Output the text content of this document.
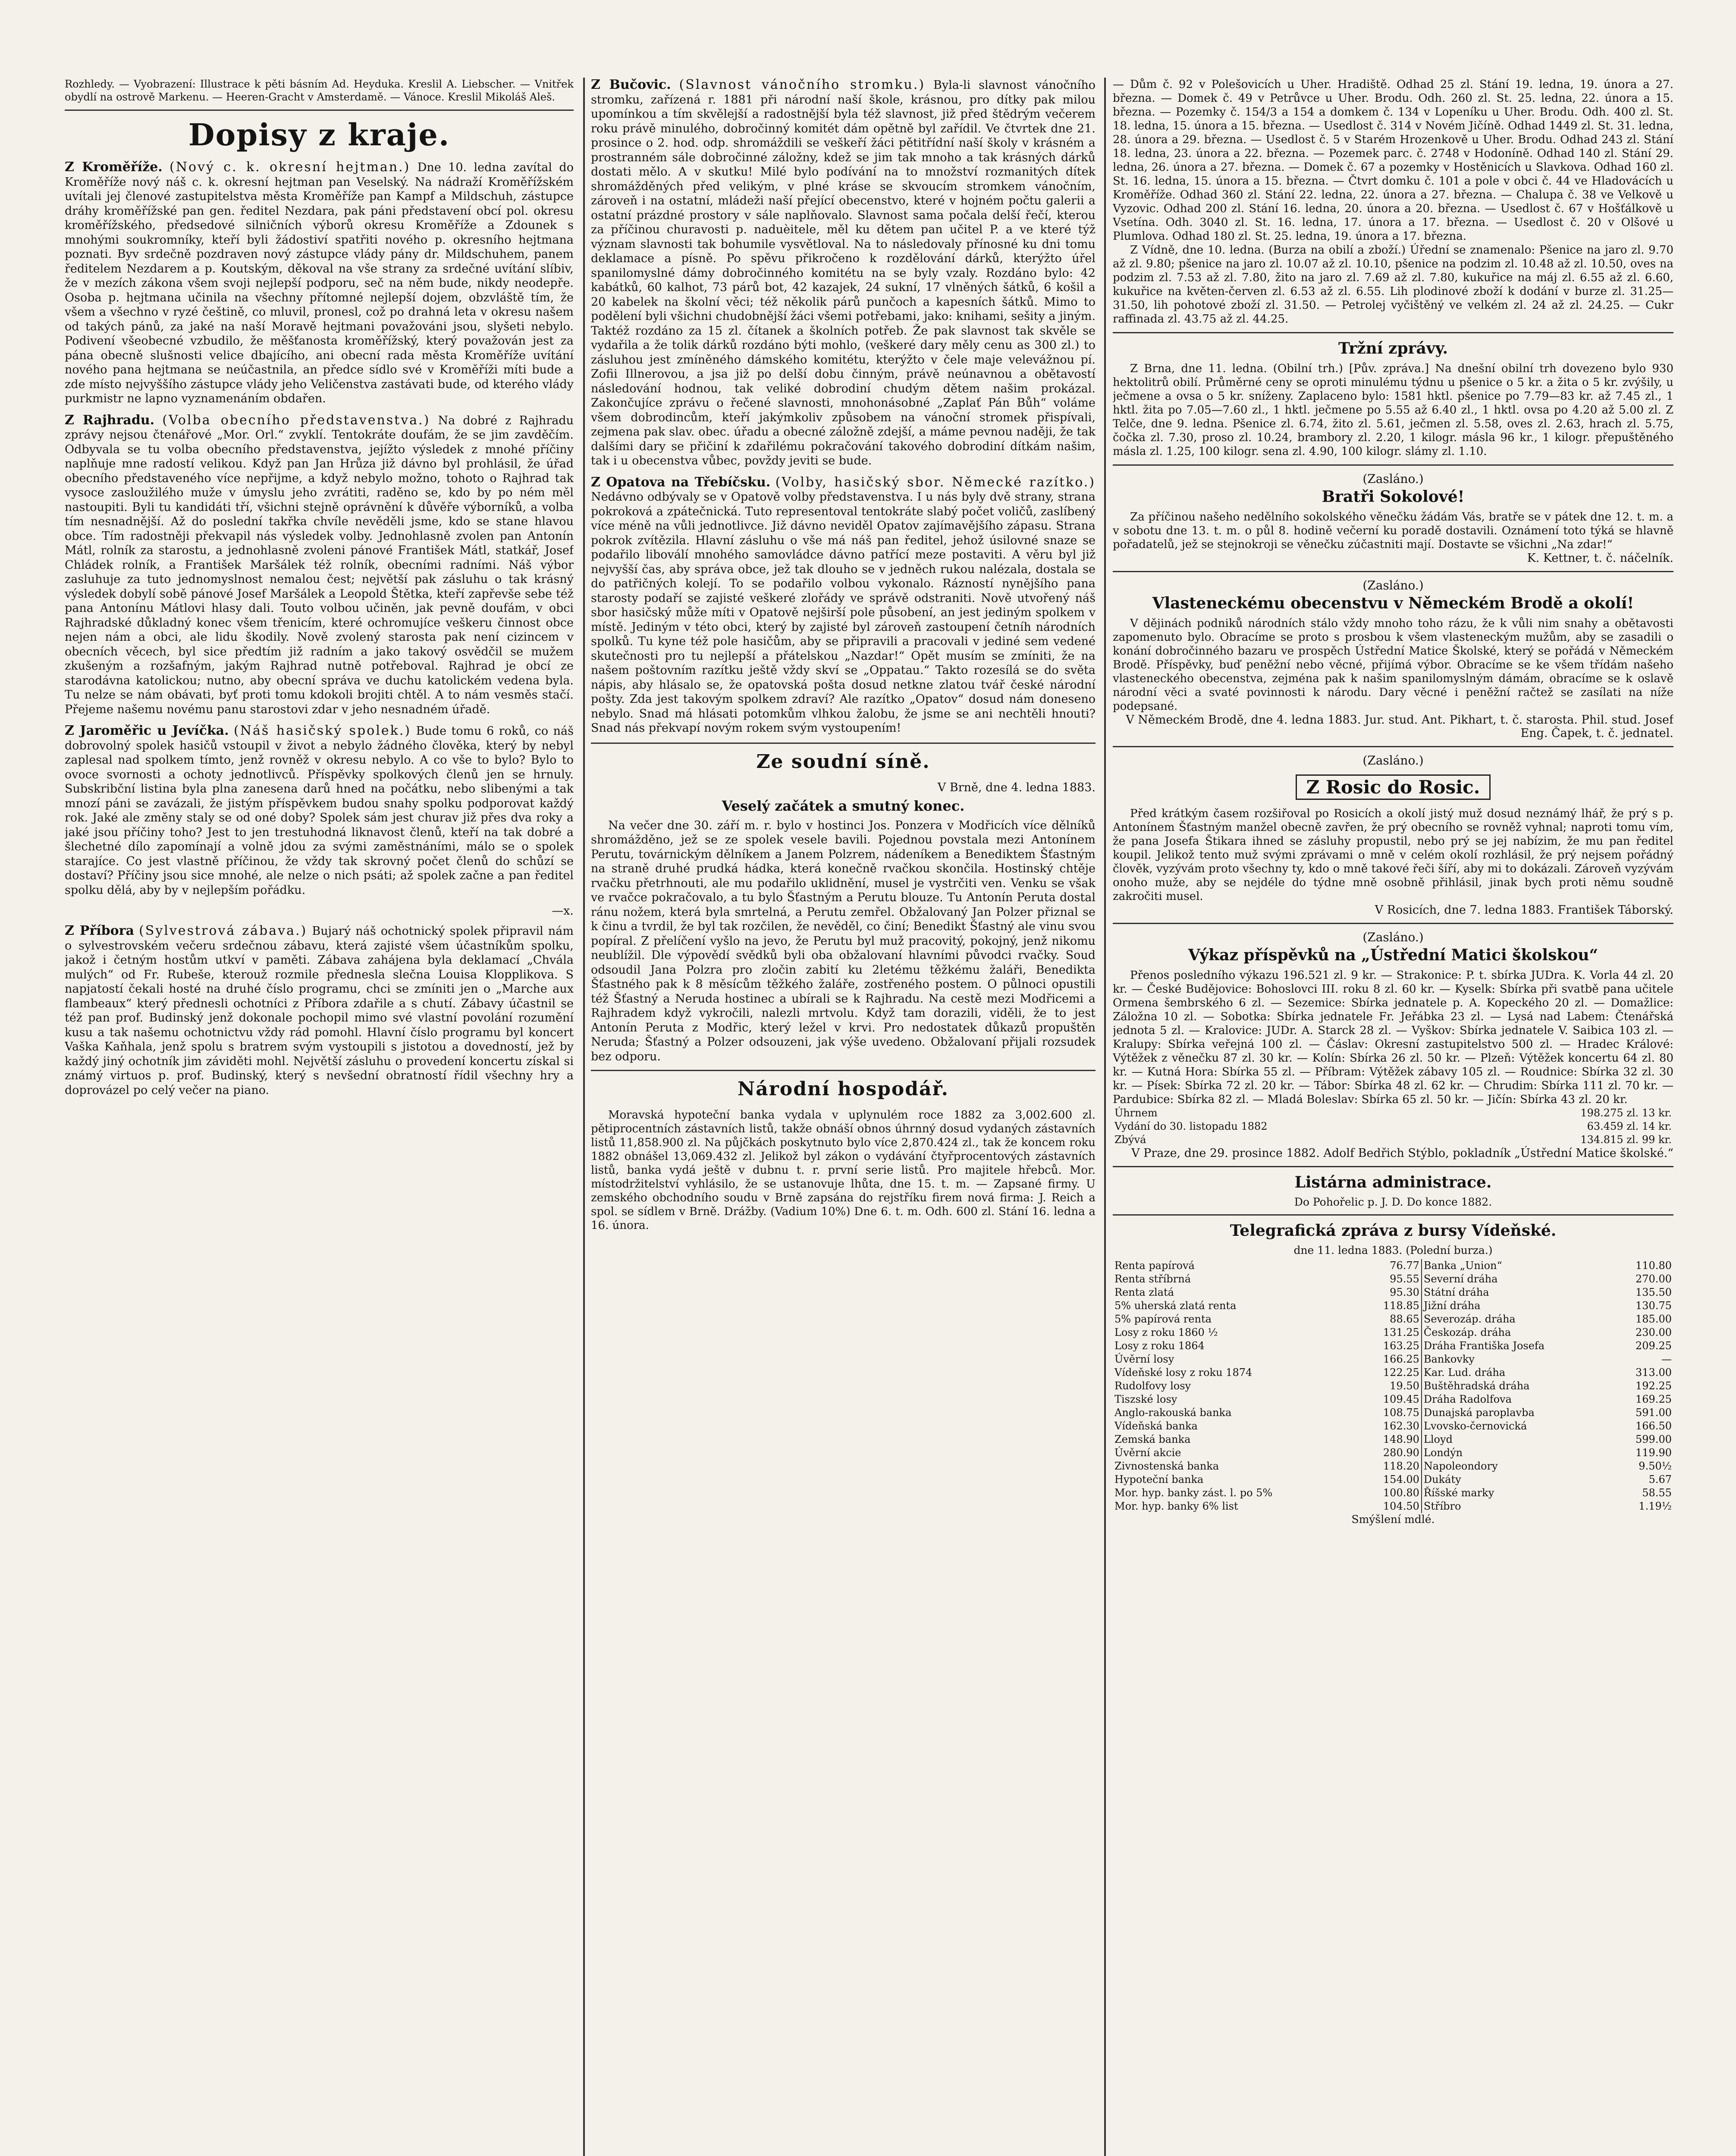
Rozhledy. — Vyobrazení: Illustrace k pěti básním Ad. Heyduka. Kreslil A. Liebscher. — Vnitřek obydlí na ostrově Markenu. — Heeren-Gracht v Amsterdamě. — Vánoce. Kreslil Mikoláš Aleš.

Dopisy z kraje.

Z Kroměříže. (Nový c. k. okresní hejtman.) Dne 10. ledna zavítal do Kroměříže nový náš c. k. okresní hejtman pan Veselský. Na nádraží Kroměřížském uvítali jej členové zastupitelstva města Kroměříže pan Kampf a Mildschuh, zástupce dráhy kroměřížské pan gen. ředitel Nezdara, pak páni představení obcí pol. okresu kroměřížského, předsedové silničních výborů okresu Kroměříže a Zdounek s mnohými soukromníky, kteří byli žádostiví spatřiti nového p. okresního hejtmana poznati. Byv srdečně pozdraven nový zástupce vlády pány dr. Mildschuhem, panem ředitelem Nezdarem a p. Koutským, děkoval na vše strany za srdečné uvítání slíbiv, že v mezích zákona všem svoji nejlepší podporu, seč na něm bude, nikdy neodepře. Osoba p. hejtmana učinila na všechny přítomné nejlepší dojem, obzvláště tím, že všem a všechno v ryzé češtině, co mluvil, pronesl, což po drahná leta v okresu našem od takých pánů, za jaké na naší Moravě hejtmani považováni jsou, slyšeti nebylo. Podivení všeobecné vzbudilo, že měšťanosta kroměřížský, který považován jest za pána obecně slušnosti velice dbajícího, ani obecní rada města Kroměříže uvítání nového pana hejtmana se neúčastnila, an předce sídlo své v Kroměříži míti bude a zde místo nejvyššího zástupce vlády jeho Veličenstva zastávati bude, od kterého vlády purkmistr ne lapno vyznamenáním obdařen.

Z Rajhradu. (Volba obecního představenstva.) Na dobré z Rajhradu zprávy nejsou čtenářové „Mor. Orl.“ zvyklí. Tentokráte doufám, že se jim zavděčím. Odbyvala se tu volba obecního představenstva, jejížto výsledek z mnohé příčiny naplňuje mne radostí velikou. Když pan Jan Hrůza již dávno byl prohlásil, že úřad obecního představeného více nepřijme, a když nebylo možno, tohoto o Rajhrad tak vysoce zasloužilého muže v úmyslu jeho zvrátiti, raděno se, kdo by po ném měl nastoupiti. Byli tu kandidáti tří, všichni stejně oprávnění k důvěře výborníků, a volba tím nesnadnější. Až do poslední takřka chvíle nevěděli jsme, kdo se stane hlavou obce. Tím radostněji překvapil nás výsledek volby. Jednohlasně zvolen pan Antonín Mátl, rolník za starostu, a jednohlasně zvoleni pánové František Mátl, statkář, Josef Chládek rolník, a František Maršálek též rolník, obecními radními. Náš výbor zasluhuje za tuto jednomyslnost nemalou čest; největší pak zásluhu o tak krásný výsledek dobylí sobě pánové Josef Maršálek a Leopold Štětka, kteří zapřevše sebe též pana Antonínu Mátlovi hlasy dali. Touto volbou učiněn, jak pevně doufám, v obci Rajhradské důkladný konec všem třenicím, které ochromujíce veškeru činnost obce nejen nám a obci, ale lidu škodily. Nově zvolený starosta pak není cizincem v obecních věcech, byl sice předtím již radním a jako takový osvědčil se mužem zkušeným a rozšafným, jakým Rajhrad nutně potřeboval. Rajhrad je obcí ze starodávna katolickou; nutno, aby obecní správa ve duchu katolickém vedena byla. Tu nelze se nám obávati, byť proti tomu kdokoli brojiti chtěl. A to nám vesměs stačí. Přejeme našemu novému panu starostovi zdar v jeho nesnadném úřadě.

Z Jaroměřic u Jevíčka. (Náš hasičský spolek.) Bude tomu 6 roků, co náš dobrovolný spolek hasičů vstoupil v život a nebylo žádného člověka, který by nebyl zaplesal nad spolkem tímto, jenž rovněž v okresu nebylo. A co vše to bylo? Bylo to ovoce svornosti a ochoty jednotlivců. Příspěvky spolkových členů jen se hrnuly. Subskribční listina byla plna zanesena darů hned na počátku, nebo slibenými a tak mnozí páni se zavázali, že jistým příspěvkem budou snahy spolku podporovat každý rok. Jaké ale změny staly se od oné doby? Spolek sám jest churav již přes dva roky a jaké jsou příčiny toho? Jest to jen trestuhodná liknavost členů, kteří na tak dobré a šlechetné dílo zapomínají a volně jdou za svými zaměstnáními, málo se o spolek starajíce. Co jest vlastně příčinou, že vždy tak skrovný počet členů do schůzí se dostaví? Příčiny jsou sice mnohé, ale nelze o nich psáti; až spolek začne a pan ředitel spolku dělá, aby by v nejlepším pořádku.

—x.

Z Příbora (Sylvestrová zábava.) Bujarý náš ochotnický spolek připravil nám o sylvestrovském večeru srdečnou zábavu, která zajisté všem účastníkům spolku, jakož i četným hostům utkví v paměti. Zábava zahájena byla deklamací „Chvála mulých“ od Fr. Rubeše, kterouž rozmile přednesla slečna Louisa Klopplikova. S napjatostí čekali hosté na druhé číslo programu, chci se zmíniti jen o „Marche aux flambeaux“ který přednesli ochotníci z Příbora zdařile a s chutí. Zábavy účastnil se též pan prof. Budinský jenž dokonale pochopil mimo své vlastní povolání rozumění kusu a tak našemu ochotnictvu vždy rád pomohl. Hlavní číslo programu byl koncert Vaška Kaňhala, jenž spolu s bratrem svým vystoupili s jistotou a dovedností, jež by každý jiný ochotník jim záviděti mohl. Největší zásluhu o provedení koncertu získal si známý virtuos p. prof. Budinský, který s nevšední obratností řídil všechny hry a doprovázel po celý večer na piano.

Z Bučovic. (Slavnost vánočního stromku.) Byla-li slavnost vánočního stromku, zařízená r. 1881 při národní naší škole, krásnou, pro dítky pak milou upomínkou a tím skvělejší a radostnější byla též slavnost, již před štědrým večerem roku právě minulého, dobročinný komitét dám opětně byl zařídil. Ve čtvrtek dne 21. prosince o 2. hod. odp. shromáždili se veškeří žáci pětitřídní naší školy v krásném a prostranném sále dobročinné záložny, kdež se jim tak mnoho a tak krásných dárků dostati mělo. A v skutku! Milé bylo podívání na to množství rozmanitých dítek shromážděných před velikým, v plné kráse se skvoucím stromkem vánočním, zároveň i na ostatní, mládeži naší přející obecenstvo, které v hojném počtu galerii a ostatní prázdné prostory v sále naplňovalo. Slavnost sama počala delší řečí, kterou za příčinou churavosti p. naduèitele, měl ku dětem pan učitel P. a ve které týž význam slavnosti tak bohumile vysvětloval. Na to následovaly přínosné ku dni tomu deklamace a písně. Po spěvu přikročeno k rozdělování dárků, kterýžto úřel spanilomyslné dámy dobročinného komitétu na se byly vzaly. Rozdáno bylo: 42 kabátků, 60 kalhot, 73 párů bot, 42 kazajek, 24 sukní, 17 vlněných šátků, 6 košil a 20 kabelek na školní věci; též několik párů punčoch a kapesních šátků. Mimo to podělení byli všichni chudobnější žáci všemi potřebami, jako: knihami, sešity a jiným. Taktéž rozdáno za 15 zl. čítanek a školních potřeb. Že pak slavnost tak skvěle se vydařila a že tolik dárků rozdáno býti mohlo, (veškeré dary měly cenu as 300 zl.) to zásluhou jest zmíněného dámského komitétu, kterýžto v čele maje velevážnou pí. Zofii Illnerovou, a jsa již po delší dobu činným, právě neúnavnou a obětavostí následování hodnou, tak veliké dobrodiní chudým dětem našim prokázal. Zakončujíce zprávu o řečené slavnosti, mnohonásobné „Zaplať Pán Bůh“ voláme všem dobrodincům, kteří jakýmkoliv způsobem na vánoční stromek přispívali, zejmena pak slav. obec. úřadu a obecné záložně zdejší, a máme pevnou naději, že tak dalšími dary se přičiní k zdařilému pokračování takového dobrodiní dítkám našim, tak i u obecenstva vůbec, povždy jeviti se bude.

Z Opatova na Třebíčsku. (Volby, hasičský sbor. Německé razítko.) Nedávno odbývaly se v Opatově volby představenstva. I u nás byly dvě strany, strana pokroková a zpátečnická. Tuto representoval tentokráte slabý počet voličů, zaslíbený více méně na vůli jednotlivce. Již dávno neviděl Opatov zajímavějšího zápasu. Strana pokrok zvítězila. Hlavní zásluhu o vše má náš pan ředitel, jehož úsilovné snaze se podařilo liboválí mnohého samovládce dávno patřící meze postaviti. A věru byl již nejvyšší čas, aby správa obce, jež tak dlouho se v jedněch rukou nalézala, dostala se do patřičných kolejí. To se podařilo volbou vykonalo. Rázností nynějšího pana starosty podaří se zajisté veškeré zlořády ve správě odstraniti. Nově utvořený náš sbor hasičský může míti v Opatově nejširší pole působení, an jest jediným spolkem v místě. Jediným v této obci, který by zajisté byl zároveň zastoupení četníh národních spolků. Tu kyne též pole hasičům, aby se připravili a pracovali v jediné sem vedené skutečnosti pro tu nejlepší a přátelskou „Nazdar!“ Opět musím se zmíniti, že na našem poštovním razítku ještě vždy skví se „Oppatau.“ Takto rozesílá se do světa nápis, aby hlásalo se, že opatovská pošta dosud netkne zlatou tvář české národní pošty. Zda jest takovým spolkem zdraví? Ale razítko „Opatov“ dosud nám doneseno nebylo. Snad má hlásati potomkům vlhkou žalobu, že jsme se ani nechtěli hnouti? Snad nás překvapí novým rokem svým vystoupením!

Ze soudní síně.

V Brně, dne 4. ledna 1883.

Veselý začátek a smutný konec.

Na večer dne 30. září m. r. bylo v hostinci Jos. Ponzera v Modřicích více dělníků shromážděno, jež se ze spolek vesele bavili. Pojednou povstala mezi Antonínem Perutu, továrnickým dělníkem a Janem Polzrem, nádeníkem a Benediktem Šťastným na straně druhé prudká hádka, která konečně rvačkou skončila. Hostinský chtěje rvačku přetrhnouti, ale mu podařilo uklidnění, musel je vystrčiti ven. Venku se však ve rvačce pokračovalo, a tu bylo Šťastným a Perutu blouze. Tu Antonín Peruta dostal ránu nožem, která byla smrtelná, a Perutu zemřel. Obžalovaný Jan Polzer přiznal se k činu a tvrdil, že byl tak rozčilen, že nevěděl, co činí; Benedikt Šťastný ale vinu svou popíral. Z přelíčení vyšlo na jevo, že Perutu byl muž pracovitý, pokojný, jenž nikomu neublížil. Dle výpovědí svědků byli oba obžalovaní hlavními původci rvačky. Soud odsoudil Jana Polzra pro zločin zabití ku 2letému těžkému žaláři, Benedikta Šťastného pak k 8 měsícům těžkého žaláře, zostřeného postem. O půlnoci opustili též Šťastný a Neruda hostinec a ubírali se k Rajhradu. Na cestě mezi Modřicemi a Rajhradem když vykročili, nalezli mrtvolu. Když tam dorazili, viděli, že to jest Antonín Peruta z Modřic, který ležel v krvi. Pro nedostatek důkazů propuštěn Neruda; Šťastný a Polzer odsouzeni, jak výše uvedeno. Obžalovaní přijali rozsudek bez odporu.

Národní hospodář.

Moravská hypoteční banka vydala v uplynulém roce 1882 za 3,002.600 zl. pětiprocentních zástavních listů, takže obnáší obnos úhrnný dosud vydaných zástavních listů 11,858.900 zl. Na půjčkách poskytnuto bylo více 2,870.424 zl., tak že koncem roku 1882 obnášel 13,069.432 zl. Jelikož byl zákon o vydávání čtyřprocentových zástavních listů, banka vydá ještě v dubnu t. r. první serie listů. Pro majitele hřebců. Mor. místodržitelství vyhlásilo, že se ustanovuje lhůta, dne 15. t. m. — Zapsané firmy. U zemského obchodního soudu v Brně zapsána do rejstříku firem nová firma: J. Reich a spol. se sídlem v Brně. Drážby. (Vadium 10%) Dne 6. t. m. Odh. 600 zl. Stání 16. ledna a 16. února.

— Dům č. 92 v Polešovicích u Uher. Hradiště. Odhad 25 zl. Stání 19. ledna, 19. února a 27. března. — Domek č. 49 v Petrůvce u Uher. Brodu. Odh. 260 zl. St. 25. ledna, 22. února a 15. března. — Pozemky č. 154/3 a 154 a domkem č. 134 v Lopeníku u Uher. Brodu. Odh. 400 zl. St. 18. ledna, 15. února a 15. března. — Usedlost č. 314 v Novém Jičíně. Odhad 1449 zl. St. 31. ledna, 28. února a 29. března. — Usedlost č. 5 v Starém Hrozenkově u Uher. Brodu. Odhad 243 zl. Stání 18. ledna, 23. února a 22. března. — Pozemek parc. č. 2748 v Hodoníně. Odhad 140 zl. Stání 29. ledna, 26. února a 27. března. — Domek č. 67 a pozemky v Hostěnicích u Slavkova. Odhad 160 zl. St. 16. ledna, 15. února a 15. března. — Čtvrt domku č. 101 a pole v obci č. 44 ve Hladovácích u Kroměříže. Odhad 360 zl. Stání 22. ledna, 22. února a 27. března. — Chalupa č. 38 ve Velkově u Vyzovic. Odhad 200 zl. Stání 16. ledna, 20. února a 20. března. — Usedlost č. 67 v Hošťálkově u Vsetína. Odh. 3040 zl. St. 16. ledna, 17. února a 17. března. — Usedlost č. 20 v Olšové u Plumlova. Odhad 180 zl. St. 25. ledna, 19. února a 17. března.

Z Vídně, dne 10. ledna. (Burza na obilí a zboží.) Úřední se znamenalo: Pšenice na jaro zl. 9.70 až zl. 9.80; pšenice na jaro zl. 10.07 až zl. 10.10, pšenice na podzim zl. 10.48 až zl. 10.50, oves na podzim zl. 7.53 až zl. 7.80, žito na jaro zl. 7.69 až zl. 7.80, kukuřice na máj zl. 6.55 až zl. 6.60, kukuřice na květen-červen zl. 6.53 až zl. 6.55. Lih plodinové zboží k dodání v burze zl. 31.25—31.50, lih pohotové zboží zl. 31.50. — Petrolej vyčištěný ve velkém zl. 24 až zl. 24.25. — Cukr raffinada zl. 43.75 až zl. 44.25.

Tržní zprávy.

Z Brna, dne 11. ledna. (Obilní trh.) [Pův. zpráva.] Na dnešní obilní trh dovezeno bylo 930 hektolitrů obilí. Průměrné ceny se oproti minulému týdnu u pšenice o 5 kr. a žita o 5 kr. zvýšily, u ječmene a ovsa o 5 kr. sníženy. Zaplaceno bylo: 1581 hktl. pšenice po 7.79—83 kr. až 7.45 zl., 1 hktl. žita po 7.05—7.60 zl., 1 hktl. ječmene po 5.55 až 6.40 zl., 1 hktl. ovsa po 4.20 až 5.00 zl. Z Telče, dne 9. ledna. Pšenice zl. 6.74, žito zl. 5.61, ječmen zl. 5.58, oves zl. 2.63, hrach zl. 5.75, čočka zl. 7.30, proso zl. 10.24, brambory zl. 2.20, 1 kilogr. másla 96 kr., 1 kilogr. přepuštěného másla zl. 1.25, 100 kilogr. sena zl. 4.90, 100 kilogr. slámy zl. 1.10.

(Zasláno.)

Bratři Sokolové!

Za příčinou našeho nedělního sokolského věnečku žádám Vás, bratře se v pátek dne 12. t. m. a v sobotu dne 13. t. m. o půl 8. hodině večerní ku poradě dostavili. Oznámení toto týká se hlavně pořadatelů, jež se stejnokroji se věnečku zúčastniti mají. Dostavte se všichni „Na zdar!“

K. Kettner, t. č. náčelník.

(Zasláno.)

Vlasteneckému obecenstvu v Německém Brodě a okolí!

V dějinách podniků národních stálo vždy mnoho toho rázu, že k vůli nim snahy a obětavosti zapomenuto bylo. Obracíme se proto s prosbou k všem vlasteneckým mužům, aby se zasadili o konání dobročinného bazaru ve prospěch Ústřední Matice Školské, který se pořádá v Německém Brodě. Příspěvky, buď peněžní nebo věcné, přijímá výbor. Obracíme se ke všem třídám našeho vlasteneckého obecenstva, zejména pak k našim spanilomyslným dámám, obracíme se k oslavě národní věci a svaté povinnosti k národu. Dary věcné i peněžní račtež se zasílati na níže podepsané.

V Německém Brodě, dne 4. ledna 1883. Jur. stud. Ant. Pikhart, t. č. starosta. Phil. stud. Josef Eng. Čapek, t. č. jednatel.

(Zasláno.)

Z Rosic do Rosic.

Před krátkým časem rozšiřoval po Rosicích a okolí jistý muž dosud neznámý lhář, že prý s p. Antonínem Šťastným manžel obecně zavřen, že prý obecního se rovněž vyhnal; naproti tomu vím, že pana Josefa Štikara ihned se zásluhy propustil, nebo prý se jej nabízim, že mu pan ředitel koupil. Jelikož tento muž svými zprávami o mně v celém okolí rozhlásil, že prý nejsem pořádný člověk, vyzývám proto všechny ty, kdo o mně takové řeči šíří, aby mi to dokázali. Zároveň vyzývám onoho muže, aby se nejdéle do týdne mně osobně přihlásil, jinak bych proti němu soudně zakročiti musel.

V Rosicích, dne 7. ledna 1883. František Táborský.

(Zasláno.)

Výkaz příspěvků na „Ústřední Matici školskou“

Přenos posledního výkazu 196.521 zl. 9 kr. — Strakonice: P. t. sbírka JUDra. K. Vorla 44 zl. 20 kr. — České Budějovice: Bohoslovci III. roku 8 zl. 60 kr. — Kyselk: Sbírka při svatbě pana učitele Ormena šembrského 6 zl. — Sezemice: Sbírka jednatele p. A. Kopeckého 20 zl. — Domažlice: Záložna 10 zl. — Sobotka: Sbírka jednatele Fr. Jeřábka 23 zl. — Lysá nad Labem: Čtenářská jednota 5 zl. — Kralovice: JUDr. A. Starck 28 zl. — Vyškov: Sbírka jednatele V. Saibica 103 zl. — Kralupy: Sbírka veřejná 100 zl. — Čáslav: Okresní zastupitelstvo 500 zl. — Hradec Králové: Výtěžek z věnečku 87 zl. 30 kr. — Kolín: Sbírka 26 zl. 50 kr. — Plzeň: Výtěžek koncertu 64 zl. 80 kr. — Kutná Hora: Sbírka 55 zl. — Příbram: Výtěžek zábavy 105 zl. — Roudnice: Sbírka 32 zl. 30 kr. — Písek: Sbírka 72 zl. 20 kr. — Tábor: Sbírka 48 zl. 62 kr. — Chrudim: Sbírka 111 zl. 70 kr. — Pardubice: Sbírka 82 zl. — Mladá Boleslav: Sbírka 65 zl. 50 kr. — Jičín: Sbírka 43 zl. 20 kr.

Úhrnem	198.275 zl. 13 kr.
Vydání do 30. listopadu 1882	63.459 zl. 14 kr.
Zbývá	134.815 zl. 99 kr.

V Praze, dne 29. prosince 1882. Adolf Bedřich Stýblo, pokladník „Ústřední Matice školské.“

Listárna administrace.

Do Pohořelic p. J. D. Do konce 1882.

Telegrafická zpráva z bursy Vídeňské.

dne 11. ledna 1883. (Polední burza.)

Renta papírová	76.77	Banka „Union“	110.80
Renta stříbrná	95.55	Severní dráha	270.00
Renta zlatá	95.30	Státní dráha	135.50
5% uherská zlatá renta	118.85	Jižní dráha	130.75
5% papírová renta	88.65	Severozáp. dráha	185.00
Losy z roku 1860 ½	131.25	Českozáp. dráha	230.00
Losy z roku 1864	163.25	Dráha Františka Josefa	209.25
Úvěrní losy	166.25	Bankovky	—
Vídeňské losy z roku 1874	122.25	Kar. Lud. dráha	313.00
Rudolfovy losy	19.50	Buštěhradská dráha	192.25
Tiszské losy	109.45	Dráha Radolfova	169.25
Anglo-rakouská banka	108.75	Dunajská paroplavba	591.00
Vídeňská banka	162.30	Lvovsko-černovická	166.50
Zemská banka	148.90	Lloyd	599.00
Úvěrní akcie	280.90	Londýn	119.90
Zivnostenská banka	118.20	Napoleondory	9.50½
Hypoteční banka	154.00	Dukáty	5.67
Mor. hyp. banky zást. l. po 5%	100.80	Říšské marky	58.55
Mor. hyp. banky 6% list	104.50	Stříbro	1.19½

Smýšlení mdlé.
